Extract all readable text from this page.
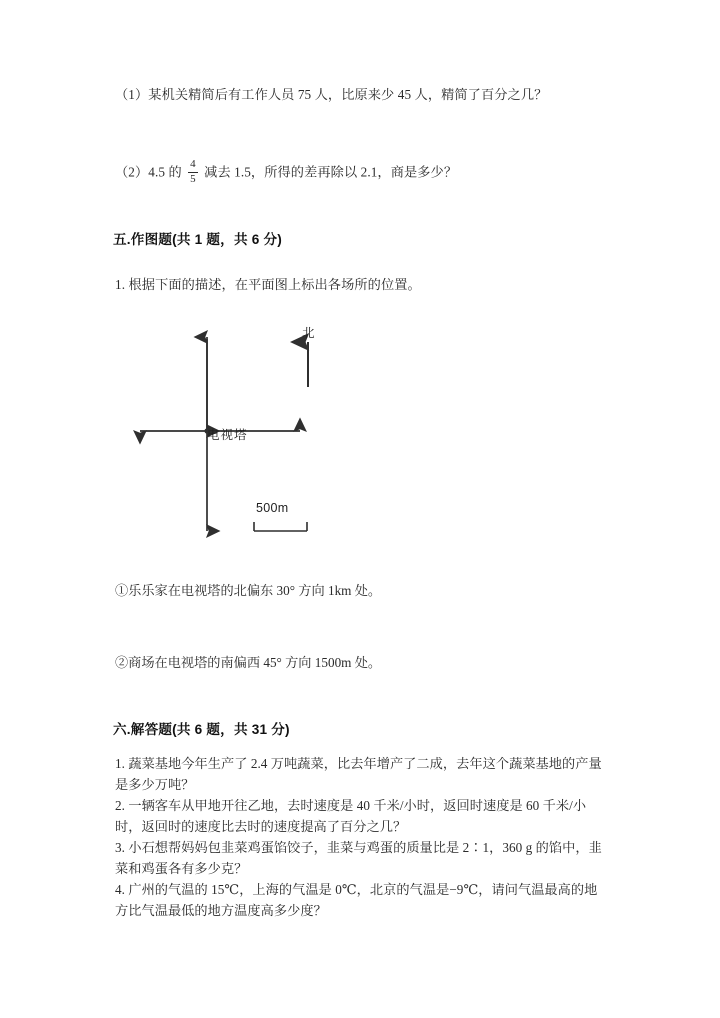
（1）某机关精简后有工作人员 75 人，比原来少 45 人，精简了百分之几？
（2）4.5 的 $\frac{4}{5}$ 减去 1.5，所得的差再除以 2.1，商是多少？
五.作图题(共 1 题，共 6 分)
1. 根据下面的描述，在平面图上标出各场所的位置。
电视塔
北
500m
①乐乐家在电视塔的北偏东 30° 方向 1km 处。
②商场在电视塔的南偏西 45° 方向 1500m 处。
六.解答题(共 6 题，共 31 分)
1. 蔬菜基地今年生产了 2.4 万吨蔬菜，比去年增产了二成，去年这个蔬菜基地的产量是多少万吨？
2. 一辆客车从甲地开往乙地，去时速度是 40 千米/小时，返回时速度是 60 千米/小时，返回时的速度比去时的速度提高了百分之几？
3. 小石想帮妈妈包韭菜鸡蛋馅饺子，韭菜与鸡蛋的质量比是 2∶1，360 g 的馅中，韭菜和鸡蛋各有多少克？
4. 广州的气温的 15℃，上海的气温是 0℃，北京的气温是−9℃，请问气温最高的地方比气温最低的地方温度高多少度？
